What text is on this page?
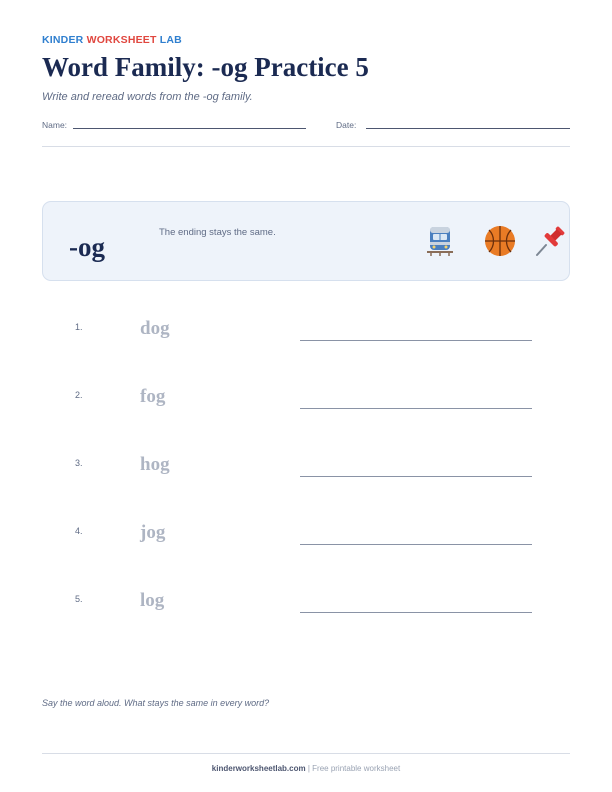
KINDER WORKSHEET LAB
Word Family: -og Practice 5
Write and reread words from the -og family.
Name:	Date:
-og	The ending stays the same.
1.	dog
2.	fog
3.	hog
4.	jog
5.	log
Say the word aloud. What stays the same in every word?
kinderworksheetlab.com | Free printable worksheet
